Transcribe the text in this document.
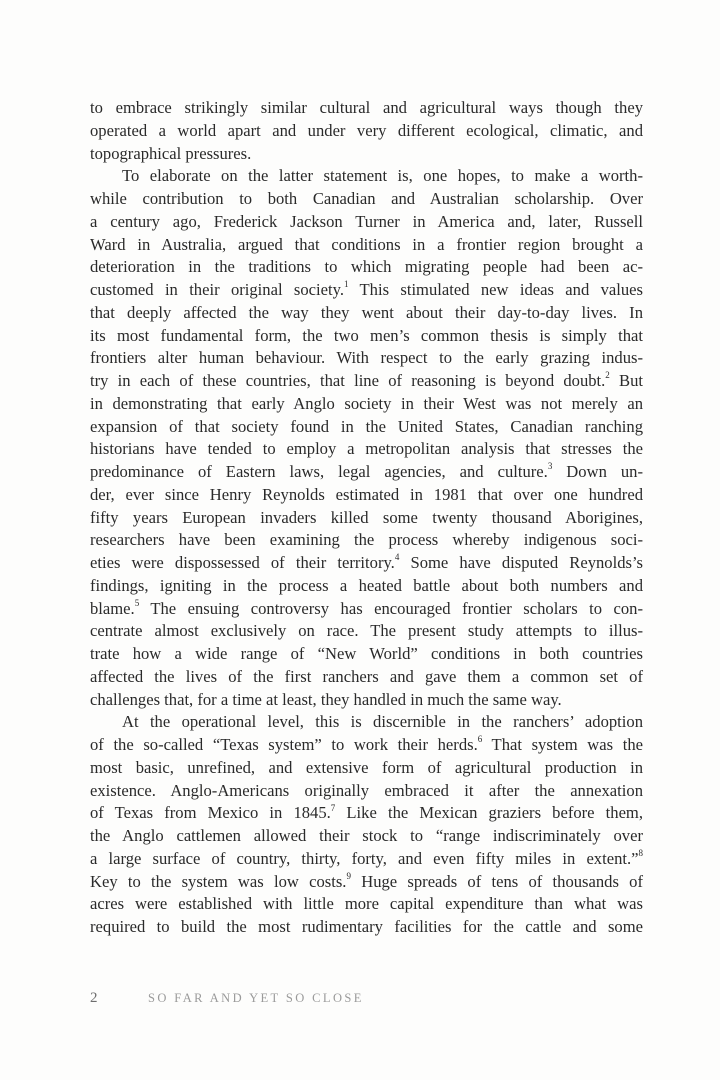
to embrace strikingly similar cultural and agricultural ways though they
operated a world apart and under very different ecological, climatic, and
topographical pressures.
To elaborate on the latter statement is, one hopes, to make a worth-
while contribution to both Canadian and Australian scholarship. Over
a century ago, Frederick Jackson Turner in America and, later, Russell
Ward in Australia, argued that conditions in a frontier region brought a
deterioration in the traditions to which migrating people had been ac-
customed in their original society.$^1$ This stimulated new ideas and values
that deeply affected the way they went about their day-to-day lives. In
its most fundamental form, the two men’s common thesis is simply that
frontiers alter human behaviour. With respect to the early grazing indus-
try in each of these countries, that line of reasoning is beyond doubt.$^2$ But
in demonstrating that early Anglo society in their West was not merely an
expansion of that society found in the United States, Canadian ranching
historians have tended to employ a metropolitan analysis that stresses the
predominance of Eastern laws, legal agencies, and culture.$^3$ Down un-
der, ever since Henry Reynolds estimated in 1981 that over one hundred
fifty years European invaders killed some twenty thousand Aborigines,
researchers have been examining the process whereby indigenous soci-
eties were dispossessed of their territory.$^4$ Some have disputed Reynolds’s
findings, igniting in the process a heated battle about both numbers and
blame.$^5$ The ensuing controversy has encouraged frontier scholars to con-
centrate almost exclusively on race. The present study attempts to illus-
trate how a wide range of “New World” conditions in both countries
affected the lives of the first ranchers and gave them a common set of
challenges that, for a time at least, they handled in much the same way.
At the operational level, this is discernible in the ranchers’ adoption
of the so-called “Texas system” to work their herds.$^6$ That system was the
most basic, unrefined, and extensive form of agricultural production in
existence. Anglo-Americans originally embraced it after the annexation
of Texas from Mexico in 1845.$^7$ Like the Mexican graziers before them,
the Anglo cattlemen allowed their stock to “range indiscriminately over
a large surface of country, thirty, forty, and even fifty miles in extent.”$^8$
Key to the system was low costs.$^9$ Huge spreads of tens of thousands of
acres were established with little more capital expenditure than what was
required to build the most rudimentary facilities for the cattle and some
2	SO FAR AND YET SO CLOSE
